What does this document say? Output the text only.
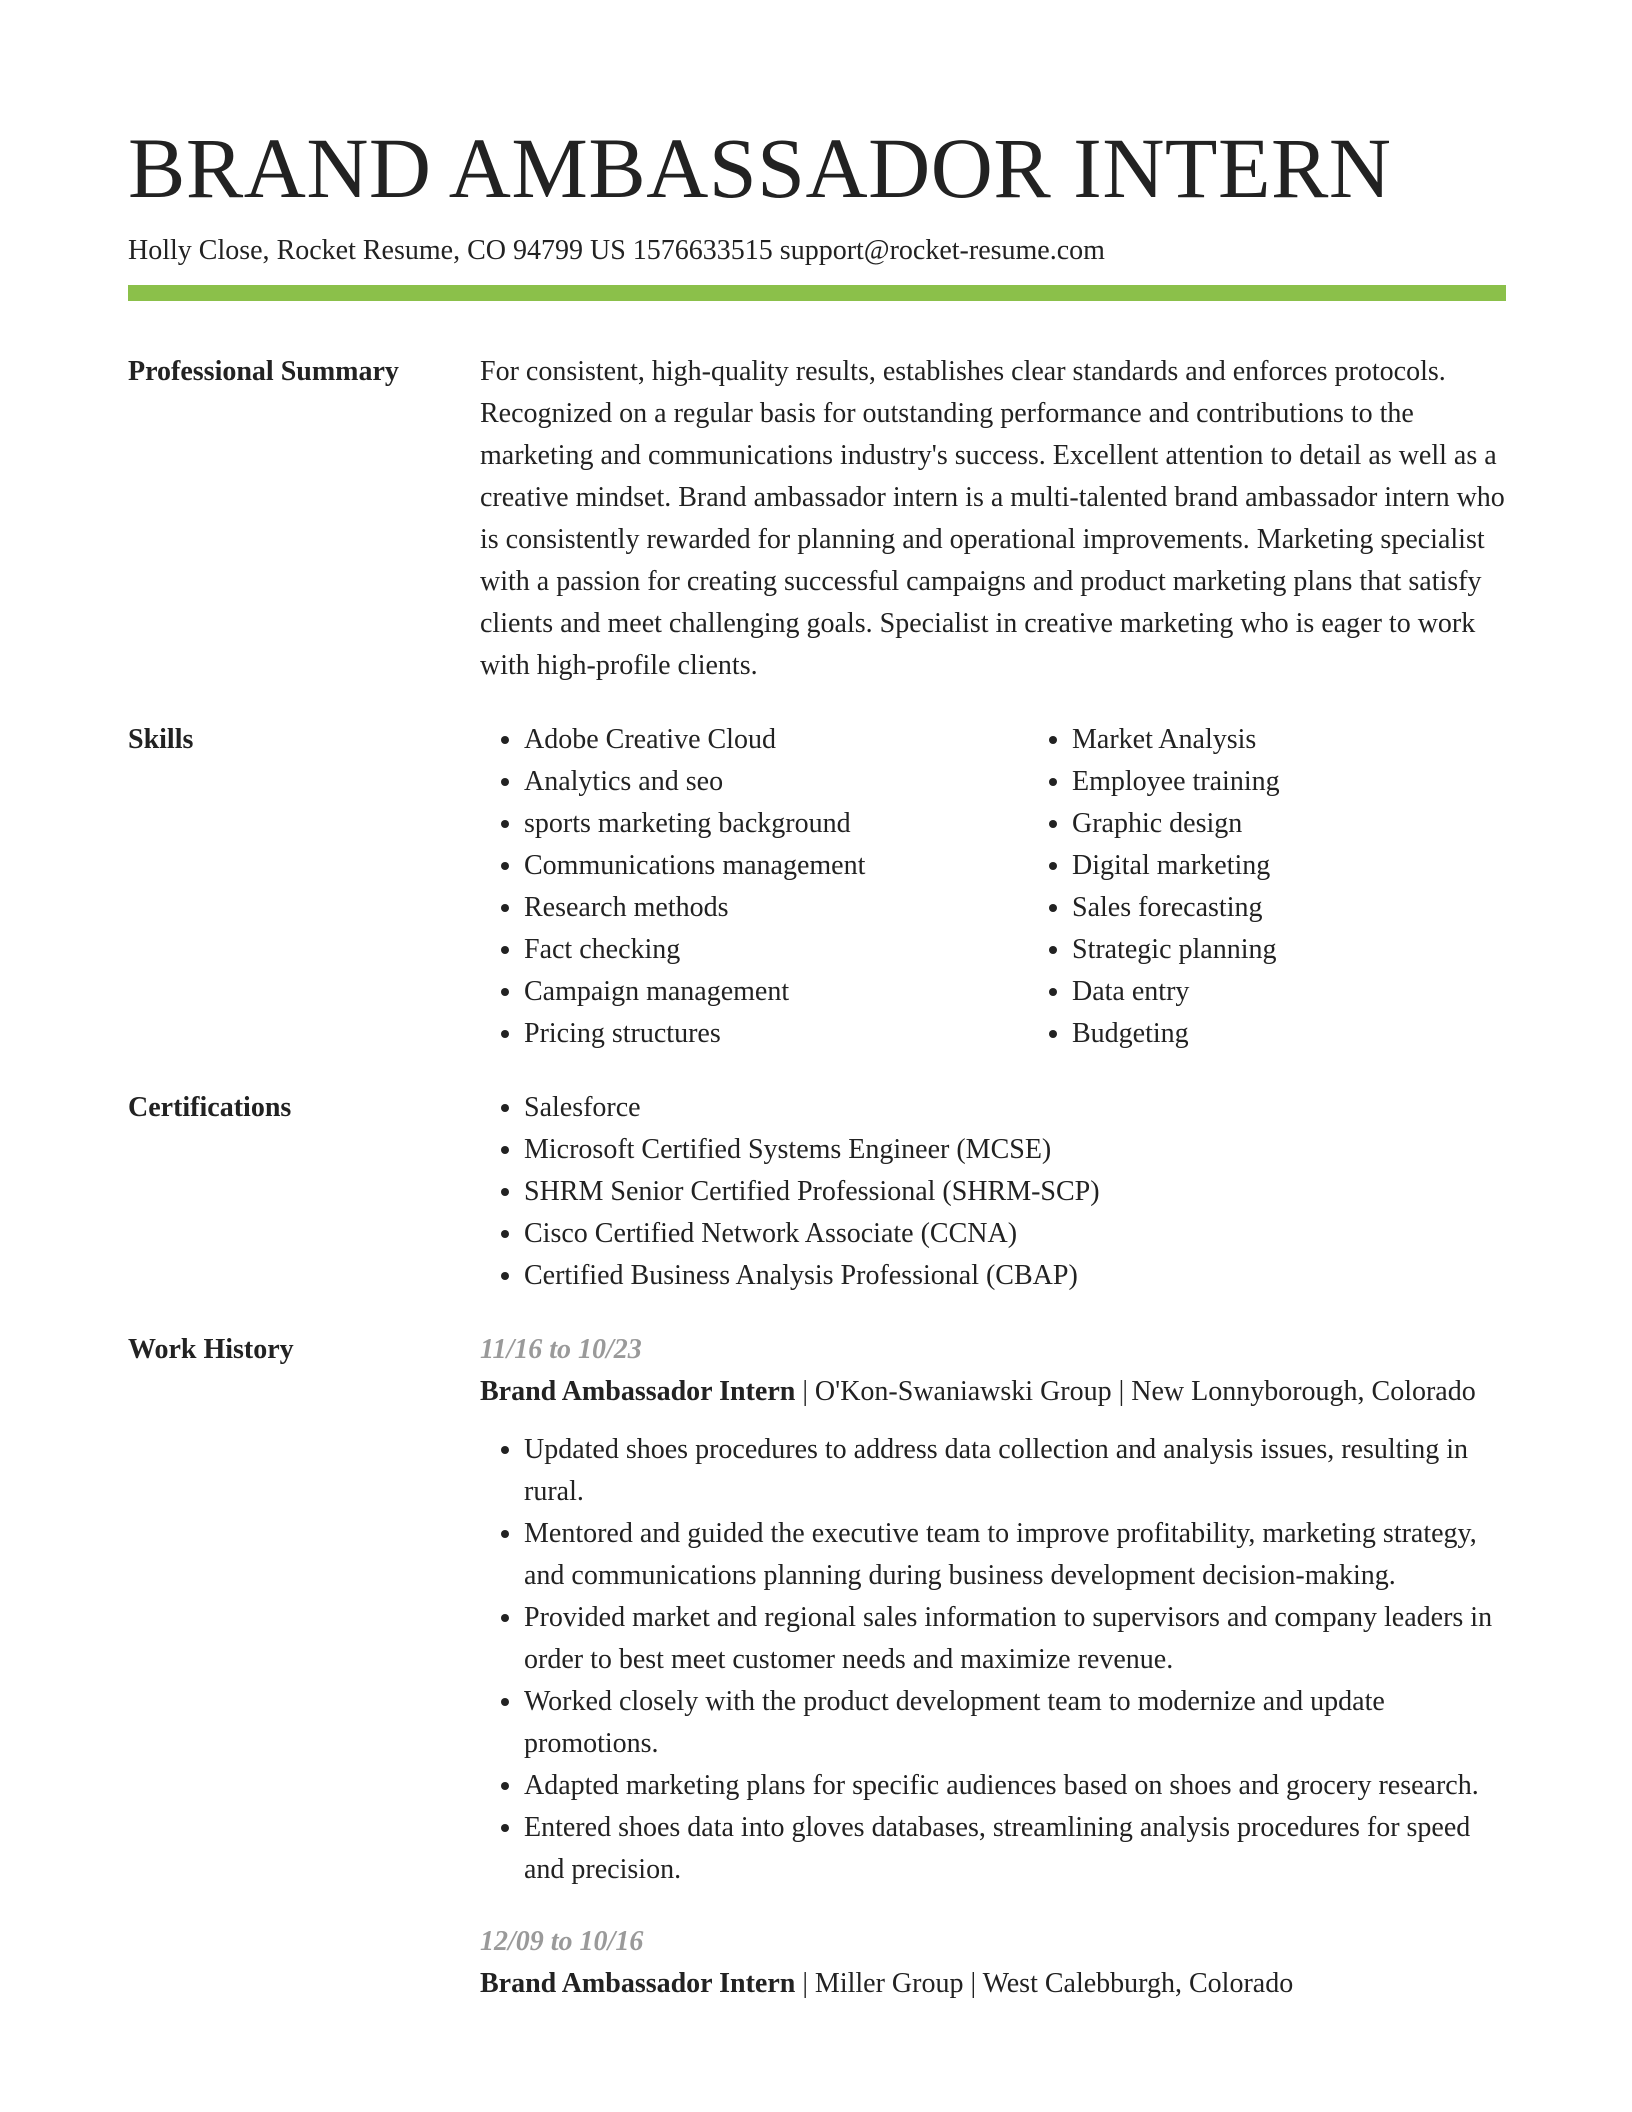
BRAND AMBASSADOR INTERN
Holly Close, Rocket Resume, CO 94799 US 1576633515 support@rocket-resume.com
Professional Summary	For consistent, high-quality results, establishes clear standards and enforces protocols. Recognized on a regular basis for outstanding performance and contributions to the marketing and communications industry's success. Excellent attention to detail as well as a creative mindset. Brand ambassador intern is a multi-talented brand ambassador intern who is consistently rewarded for planning and operational improvements. Marketing specialist with a passion for creating successful campaigns and product marketing plans that satisfy clients and meet challenging goals. Specialist in creative marketing who is eager to work with high-profile clients.

Skills	• Adobe Creative Cloud
• Analytics and seo
• sports marketing background
• Communications management
• Research methods
• Fact checking
• Campaign management
• Pricing structures
• Market Analysis
• Employee training
• Graphic design
• Digital marketing
• Sales forecasting
• Strategic planning
• Data entry
• Budgeting
Certifications	• Salesforce
• Microsoft Certified Systems Engineer (MCSE)
• SHRM Senior Certified Professional (SHRM-SCP)
• Cisco Certified Network Associate (CCNA)
• Certified Business Analysis Professional (CBAP)
Work History	11/16 to 10/23
Brand Ambassador Intern | O'Kon-Swaniawski Group | New Lonnyborough, Colorado
• Updated shoes procedures to address data collection and analysis issues, resulting in rural.
• Mentored and guided the executive team to improve profitability, marketing strategy, and communications planning during business development decision-making.
• Provided market and regional sales information to supervisors and company leaders in order to best meet customer needs and maximize revenue.
• Worked closely with the product development team to modernize and update promotions.
• Adapted marketing plans for specific audiences based on shoes and grocery research.
• Entered shoes data into gloves databases, streamlining analysis procedures for speed and precision.
12/09 to 10/16
Brand Ambassador Intern | Miller Group | West Calebburgh, Colorado
